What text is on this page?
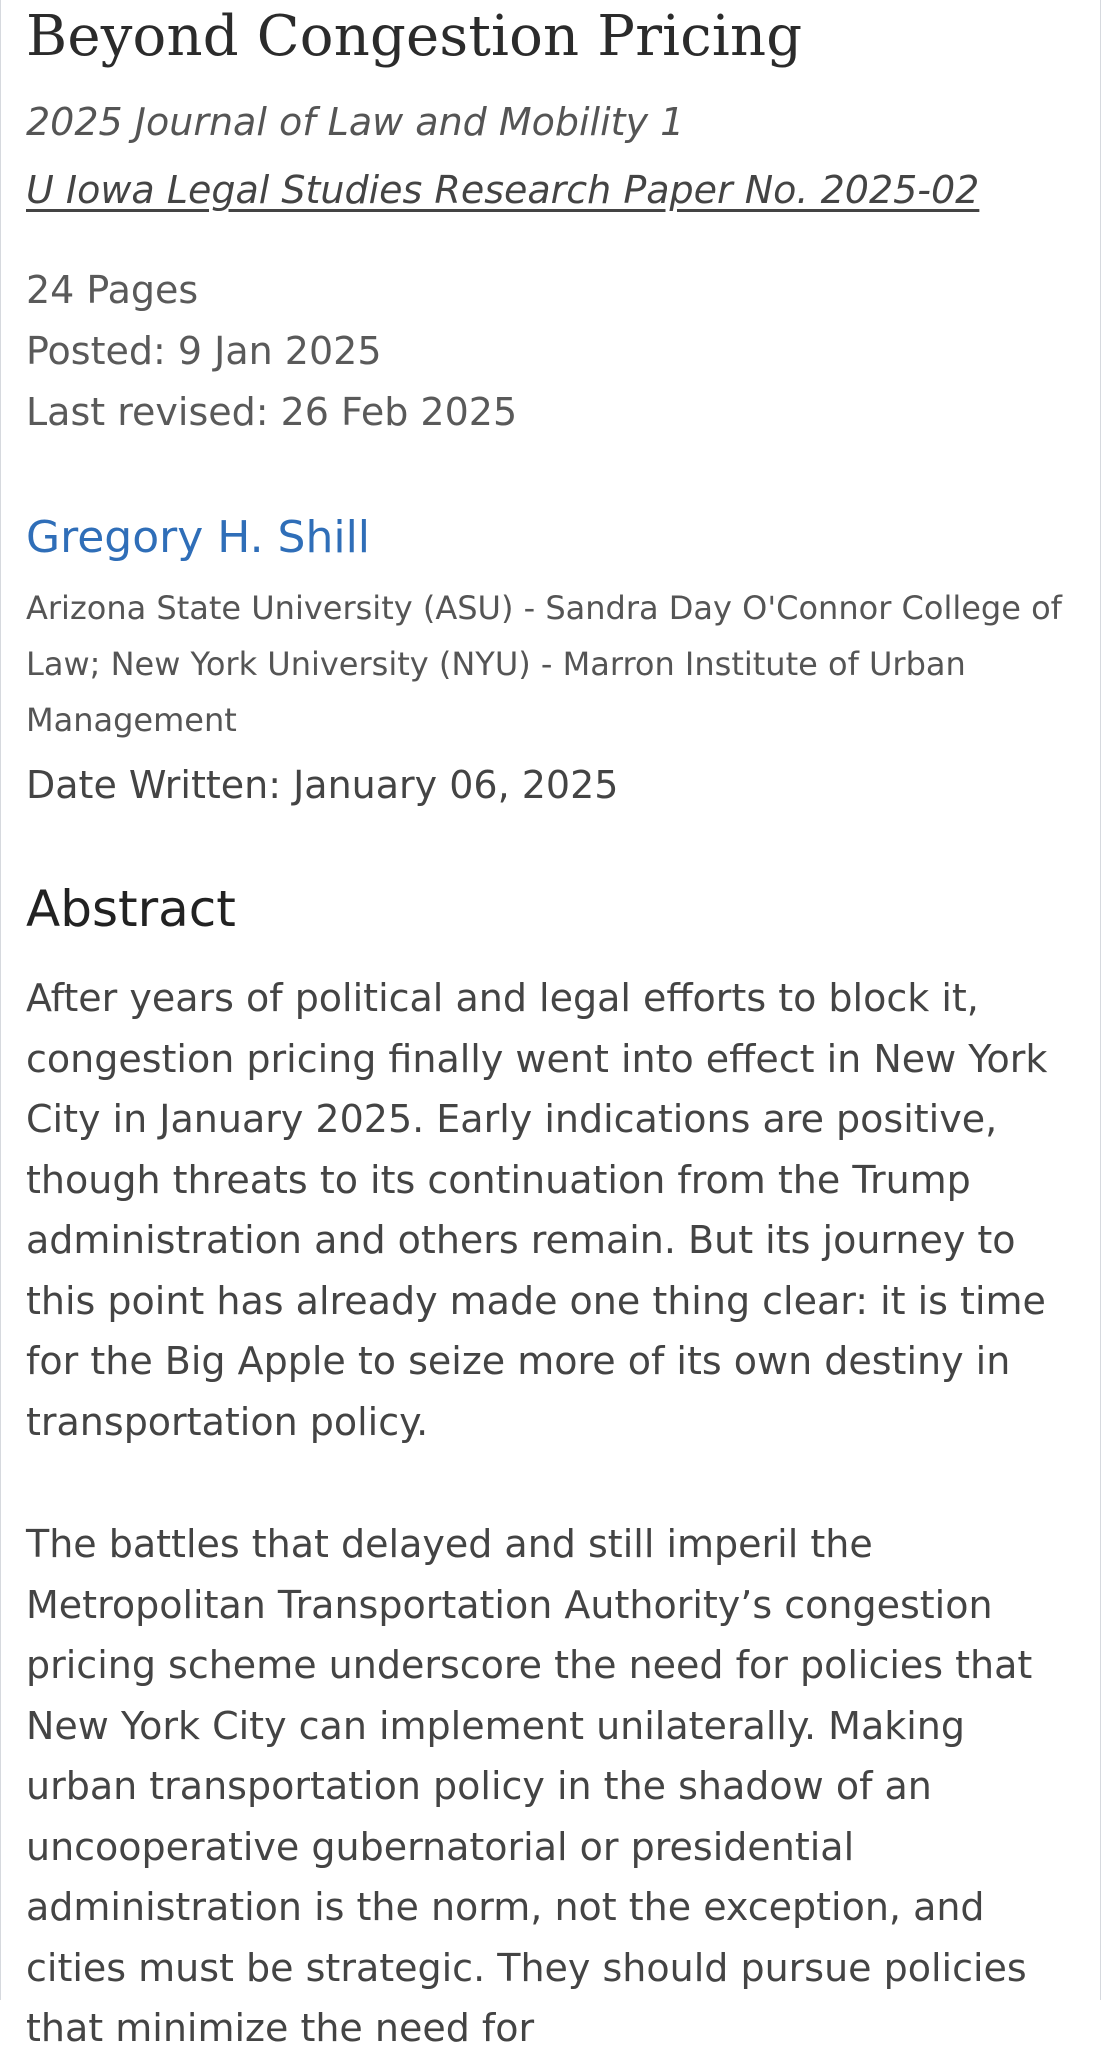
Beyond Congestion Pricing
2025 Journal of Law and Mobility 1
U Iowa Legal Studies Research Paper No. 2025-02
24 Pages
Posted: 9 Jan 2025
Last revised: 26 Feb 2025
Gregory H. Shill
Arizona State University (ASU) - Sandra Day O'Connor College of Law; New York University (NYU) - Marron Institute of Urban Management
Date Written: January 06, 2025
Abstract

After years of political and legal efforts to block it, congestion pricing finally went into effect in New York City in January 2025. Early indications are positive, though threats to its continuation from the Trump administration and others remain. But its journey to this point has already made one thing clear: it is time for the Big Apple to seize more of its own destiny in transportation policy.

The battles that delayed and still imperil the Metropolitan Transportation Authority’s congestion pricing scheme underscore the need for policies that New York City can implement unilaterally. Making urban transportation policy in the shadow of an uncooperative gubernatorial or presidential administration is the norm, not the exception, and cities must be strategic. They should pursue policies that minimize the need for
